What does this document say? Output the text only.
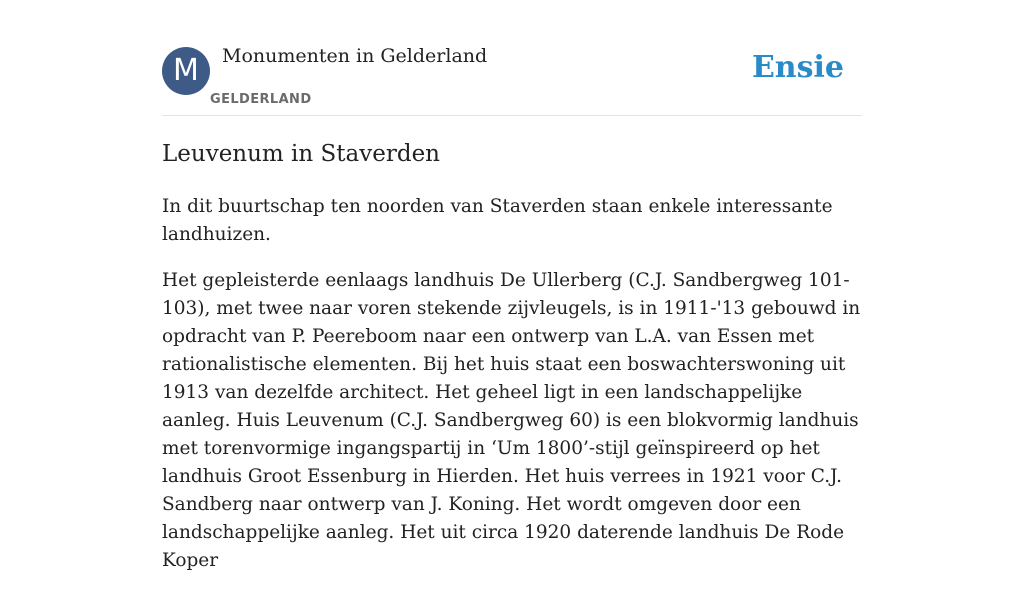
M	Monumenten in Gelderland
GELDERLAND
Ensie
Leuvenum in Staverden

In dit buurtschap ten noorden van Staverden staan enkele interessante landhuizen.

Het gepleisterde eenlaags landhuis De Ullerberg (C.J. Sandbergweg 101-103), met twee naar voren stekende zijvleugels, is in 1911-'13 gebouwd in opdracht van P. Peereboom naar een ontwerp van L.A. van Essen met rationalistische elementen. Bij het huis staat een boswachterswoning uit 1913 van dezelfde architect. Het geheel ligt in een landschappelijke aanleg. Huis Leuvenum (C.J. Sandbergweg 60) is een blokvormig landhuis met torenvormige ingangspartij in ‘Um 1800’-stijl geïnspireerd op het landhuis Groot Essenburg in Hierden. Het huis verrees in 1921 voor C.J. Sandberg naar ontwerp van J. Koning. Het wordt omgeven door een landschappelijke aanleg. Het uit circa 1920 daterende landhuis De Rode Koper
